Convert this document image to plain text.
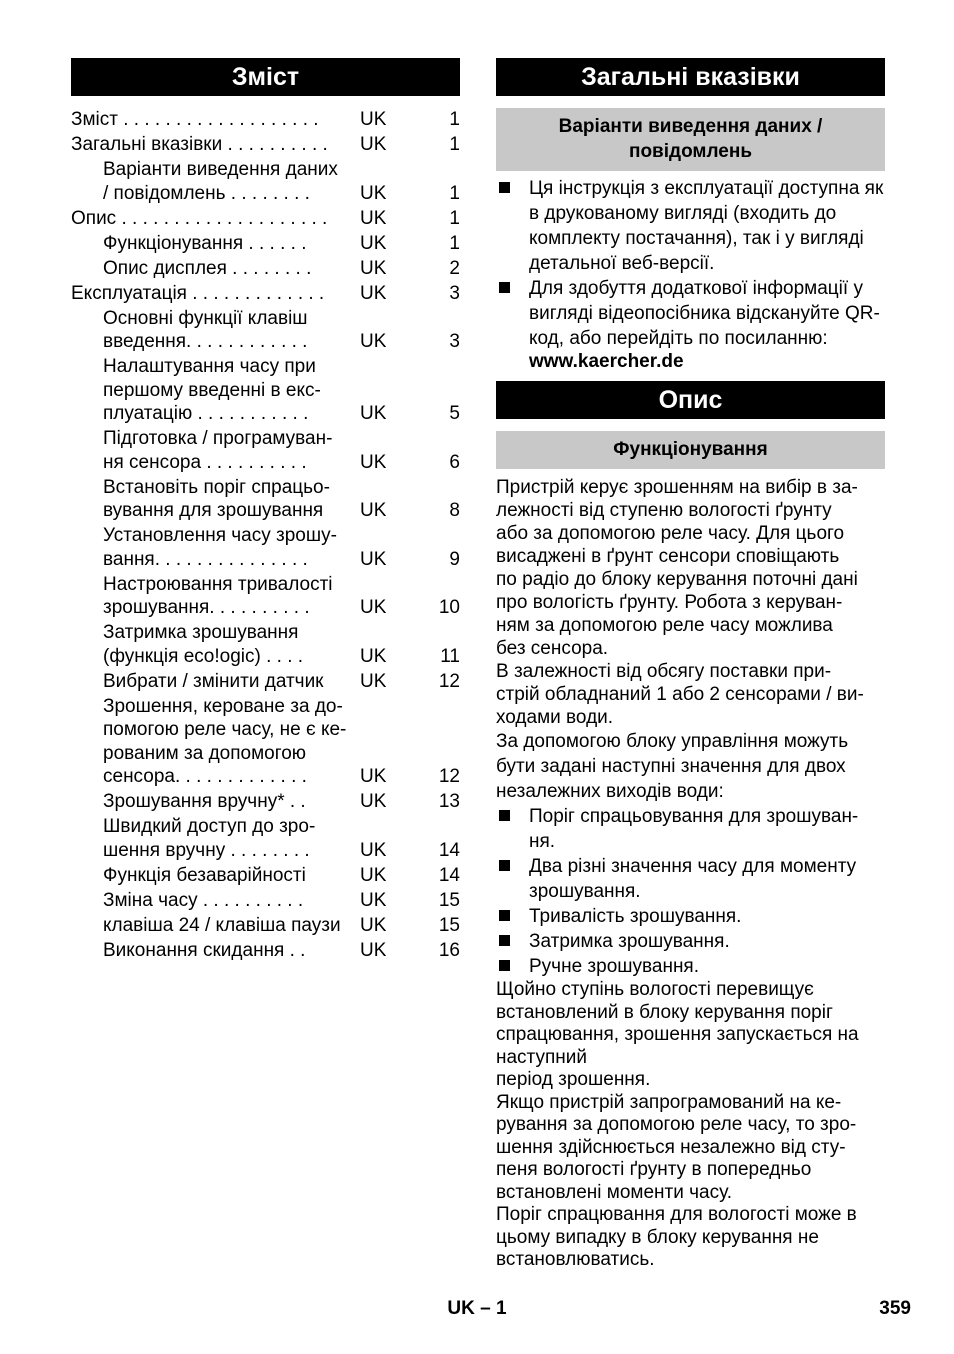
Зміст
Зміст . . . . . . . . . . . . . . . . . . .	UK	1
Загальні вказівки . . . . . . . . . .	UK	1
Варіанти виведення даних
/ повідомлень . . . . . . . .	UK	1
Опис . . . . . . . . . . . . . . . . . . . .	UK	1
Функціонування . . . . . .	UK	1
Опис дисплея . . . . . . . .	UK	2
Експлуатація . . . . . . . . . . . . .	UK	3
Основні функції клавіш
введення. . . . . . . . . . . .	UK	3
Налаштування часу при
першому введенні в екс-
плуатацію . . . . . . . . . . .	UK	5
Підготовка / програмуван-
ня сенсора . . . . . . . . . .	UK	6
Встановіть поріг спрацьо-
вування для зрошування	UK	8
Установлення часу зрошу-
вання. . . . . . . . . . . . . . .	UK	9
Настроювання тривалості
зрошування. . . . . . . . . .	UK	10
Затримка зрошування
(функція eco!ogic) . . . .	UK	11
Вибрати / змінити датчик	UK	12
Зрошення, кероване за до-
помогою реле часу, не є ке-
рованим за допомогою
сенсора. . . . . . . . . . . . .	UK	12
Зрошування вручну* . .	UK	13
Швидкий доступ до зро-
шення вручну . . . . . . . .	UK	14
Функція безаварійності	UK	14
Зміна часу . . . . . . . . . .	UK	15
клавіша 24 / клавіша паузи	UK	15
Виконання скидання . .	UK	16
Загальні вказівки
Варіанти виведення даних /
повідомлень
Ця інструкція з експлуатації доступна як в друкованому вигляді (входить до комплекту постачання), так і у вигляді детальної веб-версії.
Для здобуття додаткової інформації у вигляді відеопосібника відскануйте QR-код, або перейдіть по посиланню:
www.kaercher.de
Опис
Функціонування
Пристрій керує зрошенням на вибір в за-
лежності від ступеню вологості ґрунту
або за допомогою реле часу. Для цього
висаджені в ґрунт сенсори сповіщають
по радіо до блоку керування поточні дані
про вологість ґрунту. Робота з керуван-
ням за допомогою реле часу можлива
без сенсора.
В залежності від обсягу поставки при-
стрій обладнаний 1 або 2 сенсорами / ви-
ходами води.
За допомогою блоку управління можуть
бути задані наступні значення для двох
незалежних виходів води:
Поріг спрацьовування для зрошуван-
ня.
Два різні значення часу для моменту
зрошування.
Тривалість зрошування.
Затримка зрошування.
Ручне зрошування.
Щойно ступінь вологості перевищує
встановлений в блоку керування поріг
спрацювання, зрошення запускається на
наступний
період зрошення.
Якщо пристрій запрограмований на ке-
рування за допомогою реле часу, то зро-
шення здійснюється незалежно від сту-
пеня вологості ґрунту в попередньо
встановлені моменти часу.
Поріг спрацювання для вологості може в
цьому випадку в блоку керування не
встановлюватись.
UK – 1	359
